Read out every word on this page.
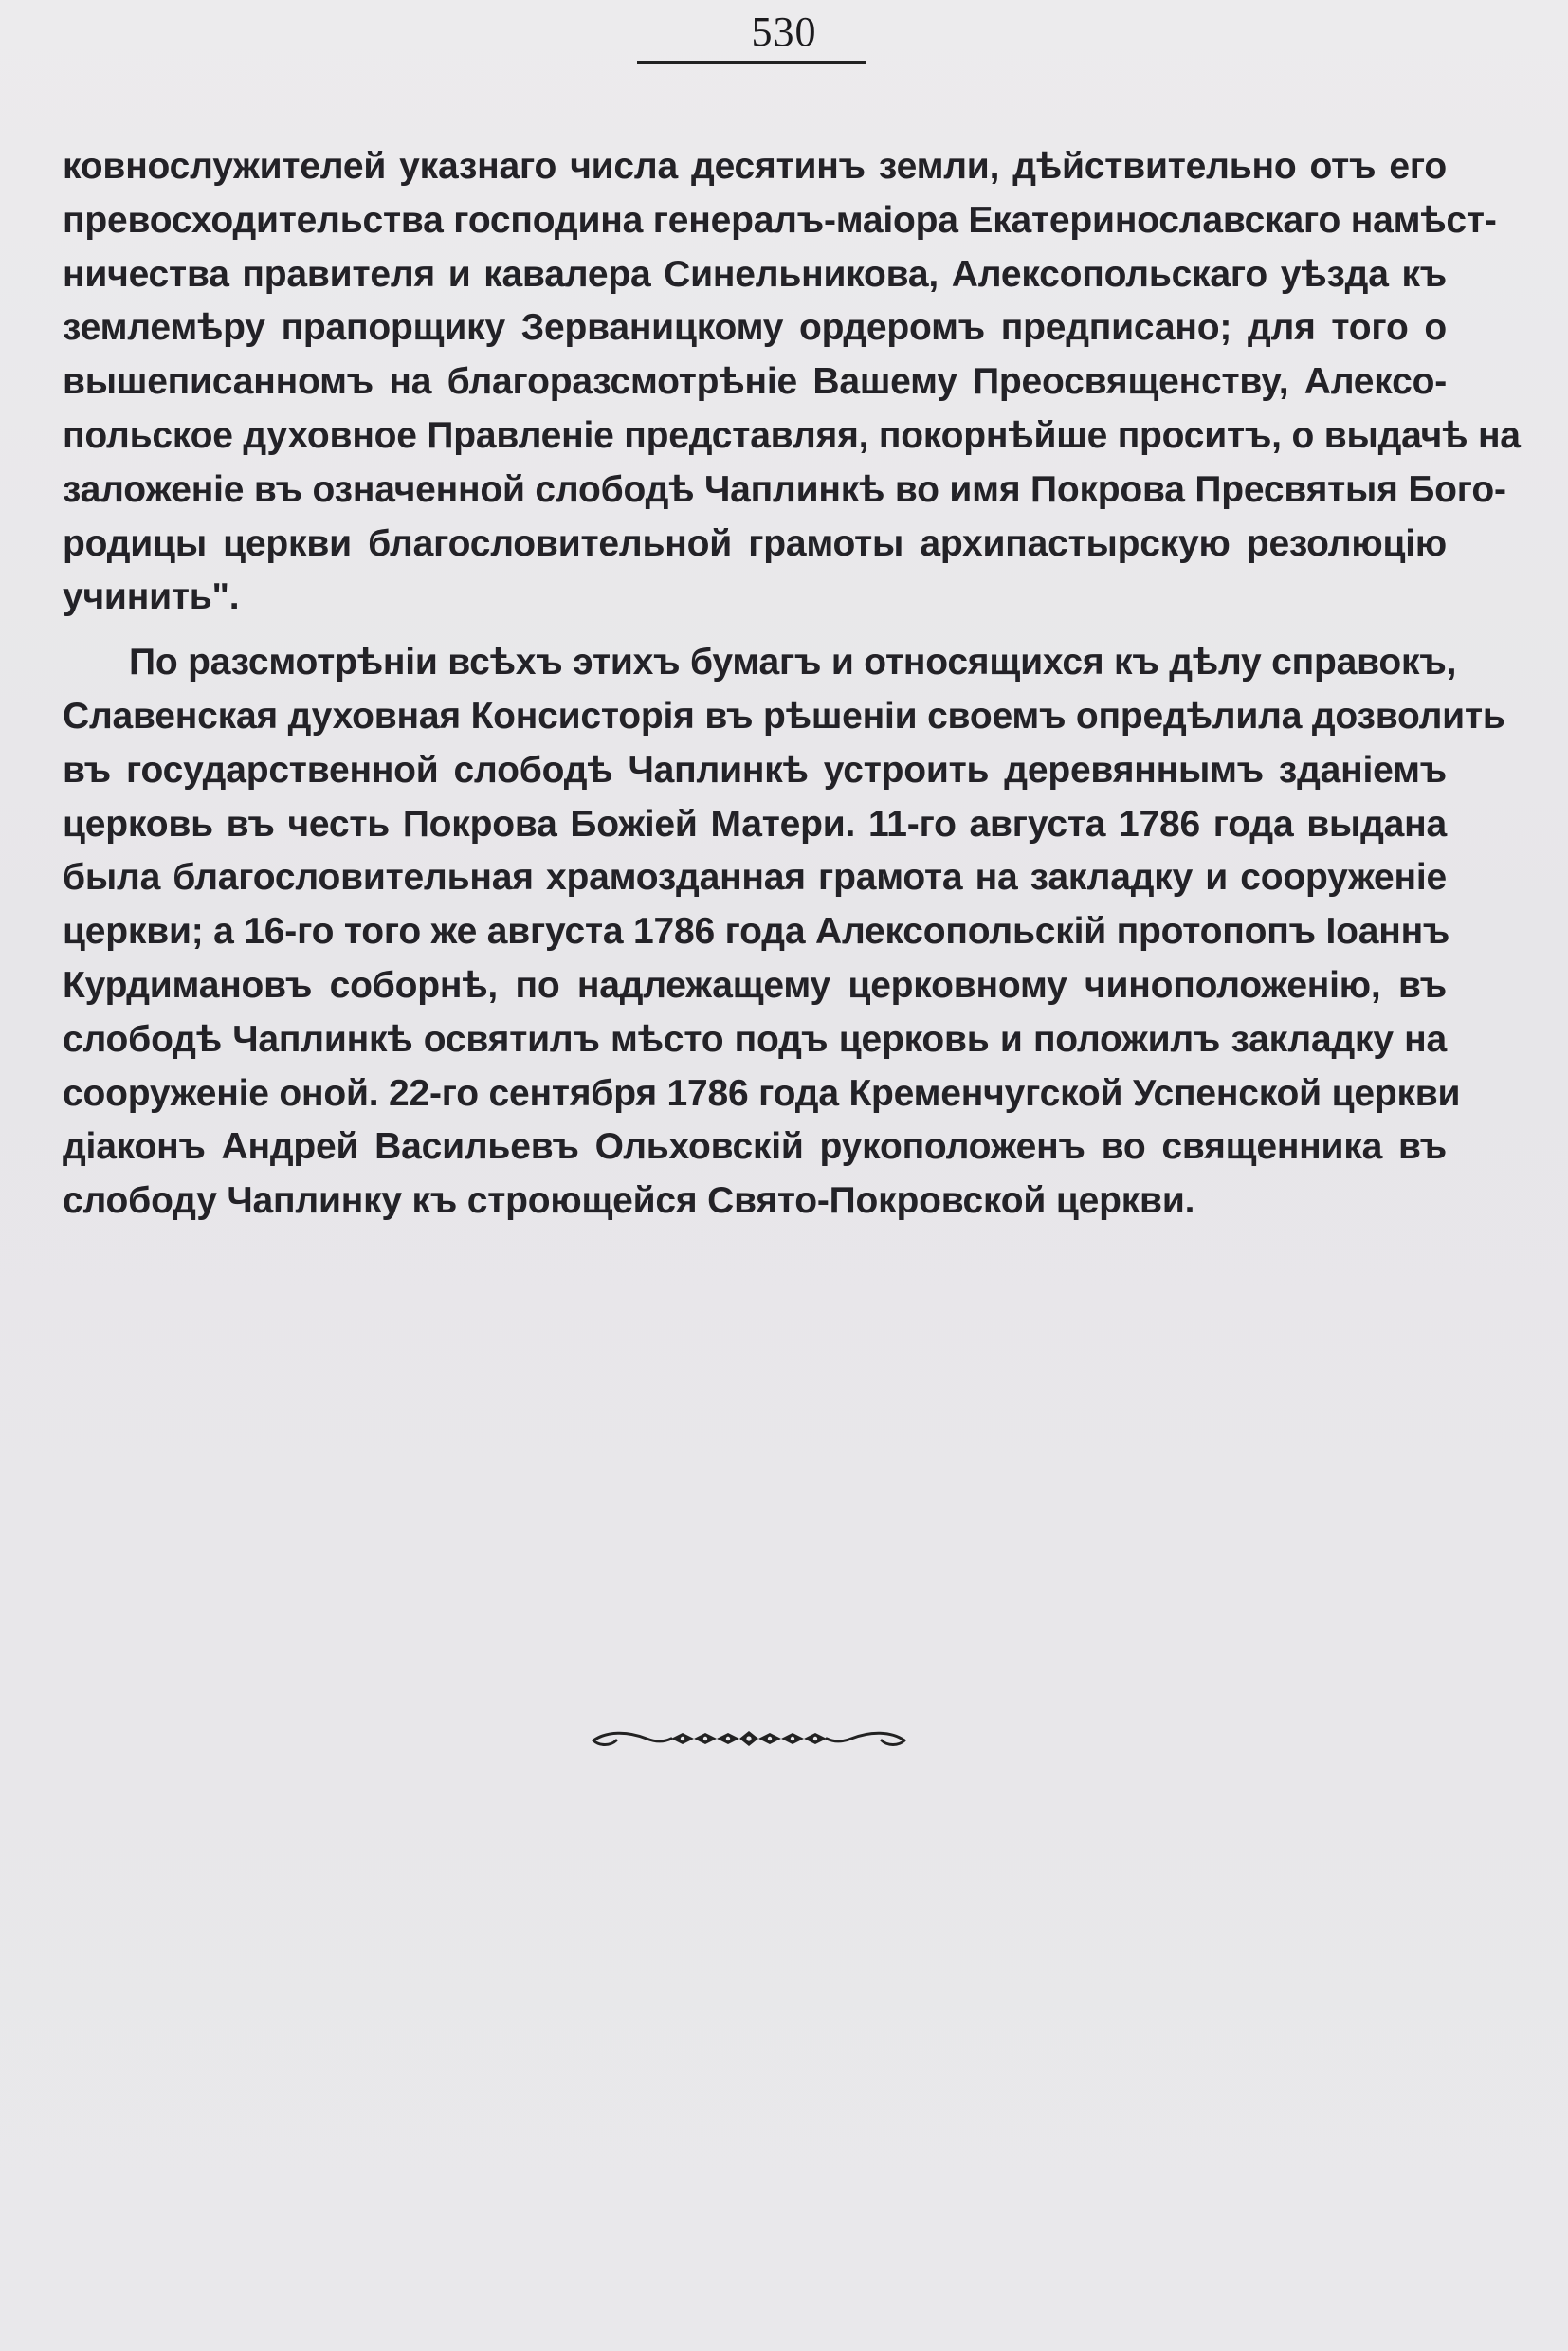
530
ковнослужителей указнаго числа десятинъ земли, дѣйствительно отъ его
превосходительства господина генералъ-маіора Екатеринославскаго намѣст-
ничества правителя и кавалера Синельникова, Алексопольскаго уѣзда къ
землемѣру прапорщику Зерваницкому ордеромъ предписано; для того о
вышеписанномъ на благоразсмотрѣніе Вашему Преосвященству, Алексо-
польское духовное Правленіе представляя, покорнѣйше проситъ, о выдачѣ на
заложеніе въ означенной слободѣ Чаплинкѣ во имя Покрова Пресвятыя Бого-
родицы церкви благословительной грамоты архипастырскую резолюцію
учинить".
По разсмотрѣніи всѣхъ этихъ бумагъ и относящихся къ дѣлу справокъ,
Славенская духовная Консисторія въ рѣшеніи своемъ опредѣлила дозволить
въ государственной слободѣ Чаплинкѣ устроить деревяннымъ зданіемъ
церковь въ честь Покрова Божіей Матери. 11-го августа 1786 года выдана
была благословительная храмозданная грамота на закладку и сооруженіе
церкви; а 16-го того же августа 1786 года Алексопольскій протопопъ Іоаннъ
Курдимановъ соборнѣ, по надлежащему церковному чиноположенію, въ
слободѣ Чаплинкѣ освятилъ мѣсто подъ церковь и положилъ закладку на
сооруженіе оной. 22-го сентября 1786 года Кременчугской Успенской церкви
діаконъ Андрей Васильевъ Ольховскій рукоположенъ во священника въ
слободу Чаплинку къ строющейся Свято-Покровской церкви.
